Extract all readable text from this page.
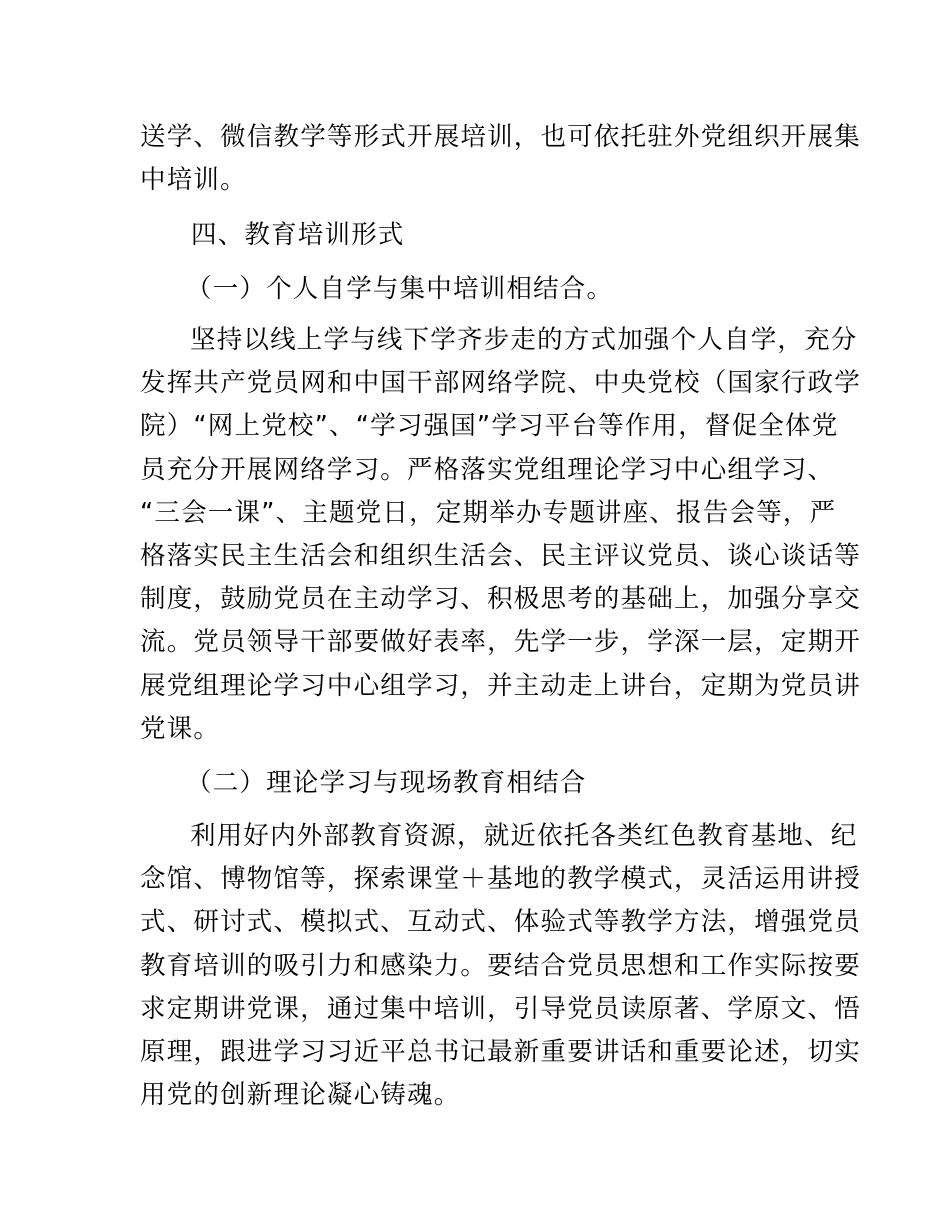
送学、微信教学等形式开展培训，也可依托驻外党组织开展集
中培训。
四、教育培训形式
（一）个人自学与集中培训相结合。
坚持以线上学与线下学齐步走的方式加强个人自学，充分
发挥共产党员网和中国干部网络学院、中央党校（国家行政学
院）“网上党校”、“学习强国”学习平台等作用，督促全体党
员充分开展网络学习。严格落实党组理论学习中心组学习、
“三会一课”、主题党日，定期举办专题讲座、报告会等，严
格落实民主生活会和组织生活会、民主评议党员、谈心谈话等
制度，鼓励党员在主动学习、积极思考的基础上，加强分享交
流。党员领导干部要做好表率，先学一步，学深一层，定期开
展党组理论学习中心组学习，并主动走上讲台，定期为党员讲
党课。
（二）理论学习与现场教育相结合
利用好内外部教育资源，就近依托各类红色教育基地、纪
念馆、博物馆等，探索课堂＋基地的教学模式，灵活运用讲授
式、研讨式、模拟式、互动式、体验式等教学方法，增强党员
教育培训的吸引力和感染力。要结合党员思想和工作实际按要
求定期讲党课，通过集中培训，引导党员读原著、学原文、悟
原理，跟进学习习近平总书记最新重要讲话和重要论述，切实
用党的创新理论凝心铸魂。
